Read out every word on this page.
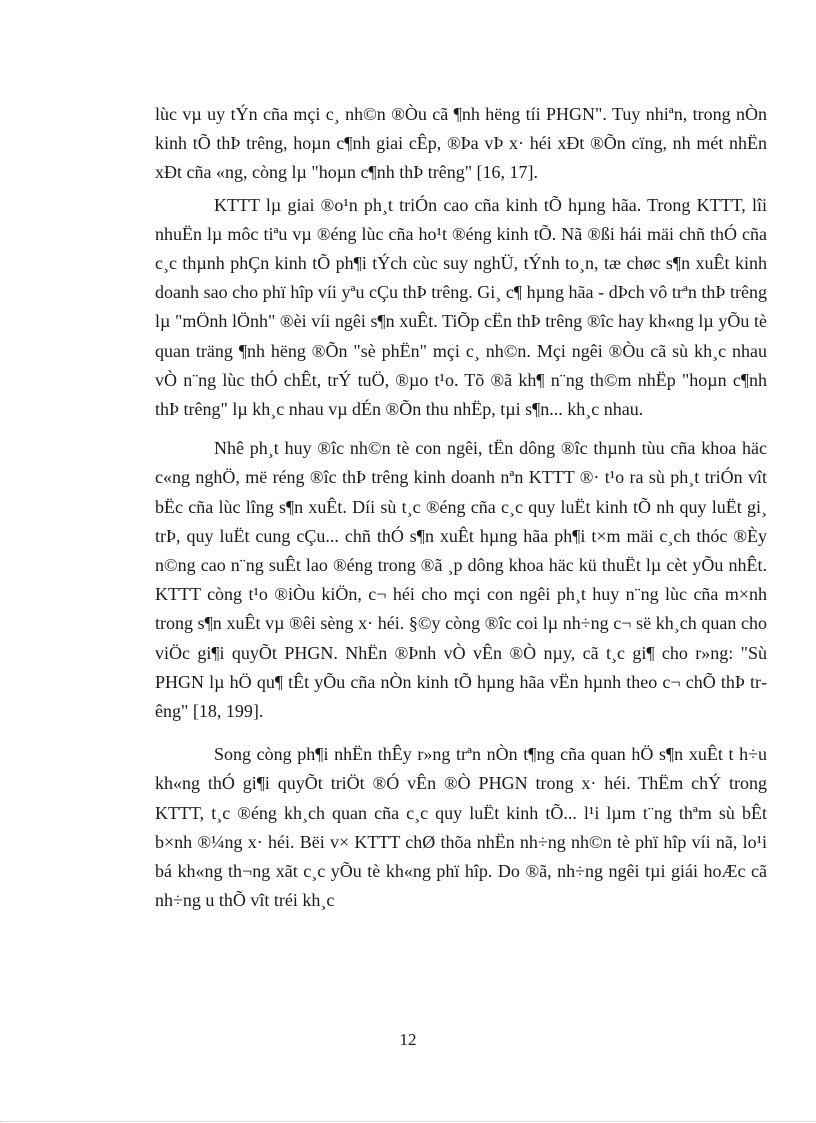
lùc vµ uy tÝn cña mçi c¸ nh©n ®Òu cã ¶nh hëng tíi PHGN". Tuy nhiªn, trong nÒn kinh tÕ thÞ trêng, hoµn c¶nh giai cÊp, ®Þa vÞ x· héi xÐt ®Õn cïng, nh mét nhËn xÐt cña «ng, còng lµ "hoµn c¶nh thÞ trêng" [16, 17].

KTTT lµ giai ®o¹n ph¸t triÓn cao cña kinh tÕ hµng hãa. Trong KTTT, lîi nhuËn lµ môc tiªu vµ ®éng lùc cña ho¹t ®éng kinh tÕ. Nã ®ßi hái mäi chñ thÓ cña c¸c thµnh phÇn kinh tÕ ph¶i tÝch cùc suy nghÜ, tÝnh to¸n, tæ chøc s¶n xuÊt kinh doanh sao cho phï hîp víi yªu cÇu thÞ trêng. Gi¸ c¶ hµng hãa - dÞch vô trªn thÞ trêng lµ "mÖnh lÖnh" ®èi víi ngêi s¶n xuÊt. TiÕp cËn thÞ trêng ®îc hay kh«ng lµ yÕu tè quan träng ¶nh hëng ®Õn "sè phËn" mçi c¸ nh©n. Mçi ngêi ®Òu cã sù kh¸c nhau vÒ n¨ng lùc thÓ chÊt, trÝ tuÖ, ®µo t¹o. Tõ ®ã kh¶ n¨ng th©m nhËp "hoµn c¶nh thÞ trêng" lµ kh¸c nhau vµ dÉn ®Õn thu nhËp, tµi s¶n... kh¸c nhau.

Nhê ph¸t huy ®îc nh©n tè con ngêi, tËn dông ®îc thµnh tùu cña khoa häc c«ng nghÖ, më réng ®îc thÞ trêng kinh doanh nªn KTTT ®· t¹o ra sù ph¸t triÓn vît bËc cña lùc lîng s¶n xuÊt. Díi sù t¸c ®éng cña c¸c quy luËt kinh tÕ nh quy luËt gi¸ trÞ, quy luËt cung cÇu... chñ thÓ s¶n xuÊt hµng hãa ph¶i t×m mäi c¸ch thóc ®Èy n©ng cao n¨ng suÊt lao ®éng trong ®ã ¸p dông khoa häc kü thuËt lµ cèt yÕu nhÊt. KTTT còng t¹o ®iÒu kiÖn, c¬ héi cho mçi con ngêi ph¸t huy n¨ng lùc cña m×nh trong s¶n xuÊt vµ ®êi sèng x· héi. §©y còng ®îc coi lµ nh÷ng c¬ së kh¸ch quan cho viÖc gi¶i quyÕt PHGN. NhËn ®Þnh vÒ vÊn ®Ò nµy, cã t¸c gi¶ cho r»ng: "Sù PHGN lµ hÖ qu¶ tÊt yÕu cña nÒn kinh tÕ hµng hãa vËn hµnh theo c¬ chÕ thÞ trêng" [18, 199].

Song còng ph¶i nhËn thÊy r»ng trªn nÒn t¶ng cña quan hÖ s¶n xuÊt t h÷u kh«ng thÓ gi¶i quyÕt triÖt ®Ó vÊn ®Ò PHGN trong x· héi. ThËm chÝ trong KTTT, t¸c ®éng kh¸ch quan cña c¸c quy luËt kinh tÕ... l¹i lµm t¨ng thªm sù bÊt b×nh ®¼ng x· héi. Bëi v× KTTT chØ thõa nhËn nh÷ng nh©n tè phï hîp víi nã, lo¹i bá kh«ng th¬ng xãt c¸c yÕu tè kh«ng phï hîp. Do ®ã, nh÷ng ngêi tµi giái hoÆc cã nh÷ng u thÕ vît tréi kh¸c

12
